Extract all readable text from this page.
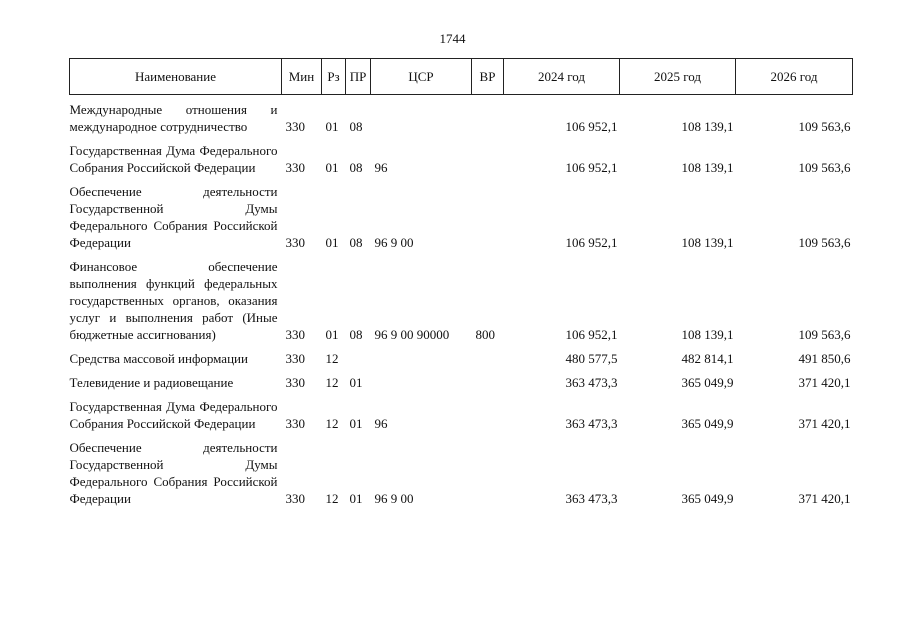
1744
Наименование	Мин	Рз	ПР	ЦСР	ВР	2024 год	2025 год	2026 год
Международные отношения и международное сотрудничество	330	01	08			106 952,1	108 139,1	109 563,6
Государственная Дума Федерального Собрания Российской Федерации	330	01	08	96		106 952,1	108 139,1	109 563,6
Обеспечение деятельности Государственной Думы Федерального Собрания Российской Федерации	330	01	08	96 9 00		106 952,1	108 139,1	109 563,6
Финансовое обеспечение выполнения функций федеральных государственных органов, оказания услуг и выполнения работ (Иные бюджетные ассигнования)	330	01	08	96 9 00 90000	800	106 952,1	108 139,1	109 563,6
Средства массовой информации	330	12				480 577,5	482 814,1	491 850,6
Телевидение и радиовещание	330	12	01			363 473,3	365 049,9	371 420,1
Государственная Дума Федерального Собрания Российской Федерации	330	12	01	96		363 473,3	365 049,9	371 420,1
Обеспечение деятельности Государственной Думы Федерального Собрания Российской Федерации	330	12	01	96 9 00		363 473,3	365 049,9	371 420,1
